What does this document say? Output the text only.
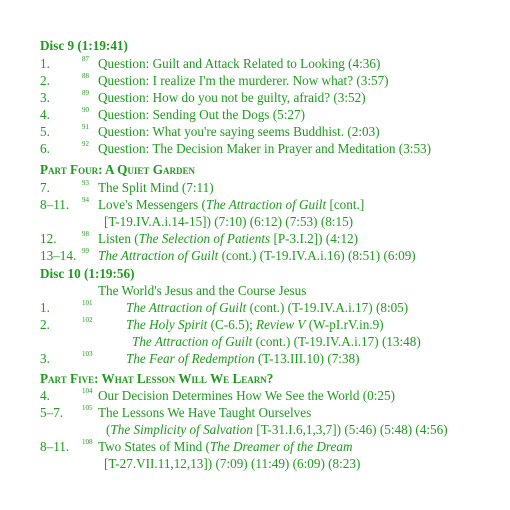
Disc 9 (1:19:41)
1.	87 Question: Guilt and Attack Related to Looking (4:36)
2.	88 Question: I realize I'm the murderer. Now what? (3:57)
3.	89 Question: How do you not be guilty, afraid? (3:52)
4.	90 Question: Sending Out the Dogs (5:27)
5.	91 Question: What you're saying seems Buddhist. (2:03)
6.	92 Question: The Decision Maker in Prayer and Meditation (3:53)
Part Four: A Quiet Garden
7.	93 The Split Mind (7:11)
8–11. 94 Love's Messengers (The Attraction of Guilt [cont.]
[T-19.IV.A.i.14-15]) (7:10) (6:12) (7:53) (8:15)
12.	98 Listen (The Selection of Patients [P-3.I.2]) (4:12)
13–14. 99 The Attraction of Guilt (cont.) (T-19.IV.A.i.16) (8:51) (6:09)
Disc 10 (1:19:56)
The World's Jesus and the Course Jesus
1.	101	The Attraction of Guilt (cont.) (T-19.IV.A.i.17) (8:05)
2.	102	The Holy Spirit (C-6.5); Review V (W-pI.rV.in.9)
The Attraction of Guilt (cont.) (T-19.IV.A.i.17) (13:48)
3.	103	The Fear of Redemption (T-13.III.10) (7:38)
Part Five: What Lesson Will We Learn?
4.	104 Our Decision Determines How We See the World (0:25)
5–7.	105 The Lessons We Have Taught Ourselves
(The Simplicity of Salvation [T-31.I.6,1,3,7]) (5:46) (5:48) (4:56)
8–11. 108 Two States of Mind (The Dreamer of the Dream
[T-27.VII.11,12,13]) (7:09) (11:49) (6:09) (8:23)
